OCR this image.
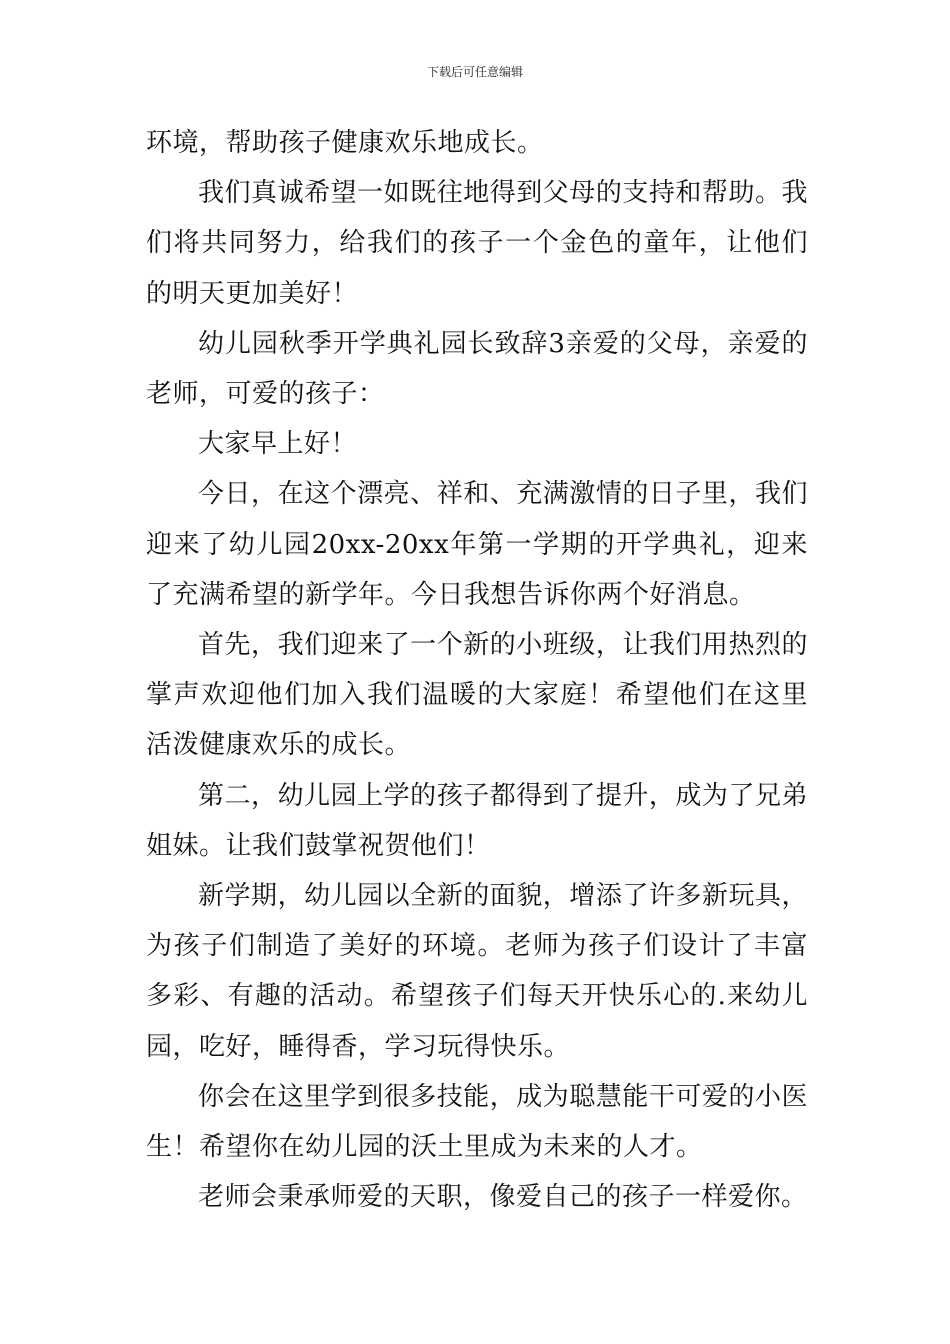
下载后可任意编辑

环境，帮助孩子健康欢乐地成长。

我们真诚希望一如既往地得到父母的支持和帮助。我们将共同努力，给我们的孩子一个金色的童年，让他们的明天更加美好！

幼儿园秋季开学典礼园长致辞3亲爱的父母，亲爱的老师，可爱的孩子：

大家早上好！

今日，在这个漂亮、祥和、充满激情的日子里，我们迎来了幼儿园20xx-20xx年第一学期的开学典礼，迎来了充满希望的新学年。今日我想告诉你两个好消息。

首先，我们迎来了一个新的小班级，让我们用热烈的掌声欢迎他们加入我们温暖的大家庭！希望他们在这里活泼健康欢乐的成长。

第二，幼儿园上学的孩子都得到了提升，成为了兄弟姐妹。让我们鼓掌祝贺他们！

新学期，幼儿园以全新的面貌，增添了许多新玩具，为孩子们制造了美好的环境。老师为孩子们设计了丰富多彩、有趣的活动。希望孩子们每天开快乐心的.来幼儿园，吃好，睡得香，学习玩得快乐。

你会在这里学到很多技能，成为聪慧能干可爱的小医生！希望你在幼儿园的沃土里成为未来的人才。

老师会秉承师爱的天职，像爱自己的孩子一样爱你。
